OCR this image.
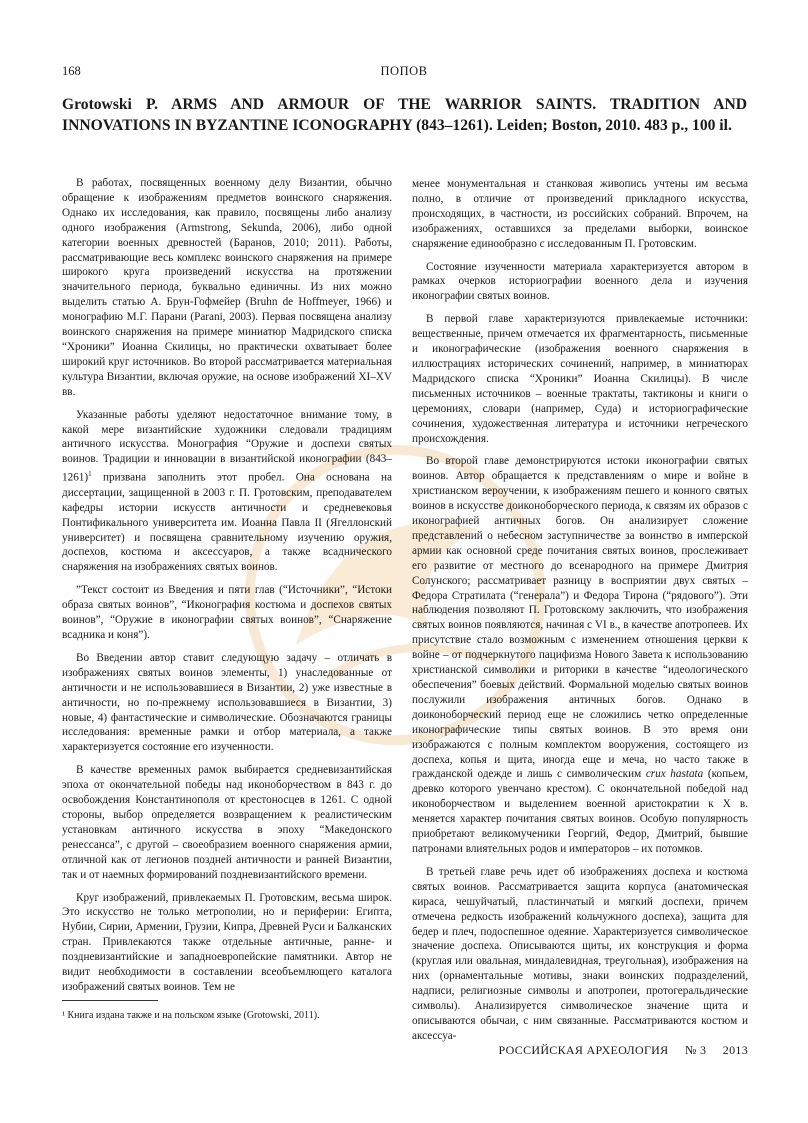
168	ПОПОВ
Grotowski P. ARMS AND ARMOUR OF THE WARRIOR SAINTS. TRADITION AND INNOVATIONS IN BYZANTINE ICONOGRAPHY (843–1261). Leiden; Boston, 2010. 483 p., 100 il.

В работах, посвященных военному делу Византии, обычно обращение к изображениям предметов воинского снаряжения. Однако их исследования, как правило, посвящены либо анализу одного изображения (Armstrong, Sekunda, 2006), либо одной категории военных древностей (Баранов, 2010; 2011). Работы, рассматривающие весь комплекс воинского снаряжения на примере широкого круга произведений искусства на протяжении значительного периода, буквально единичны. Из них можно выделить статью А. Брун-Гофмейер (Bruhn de Hoffmeyer, 1966) и монографию М.Г. Парани (Parani, 2003). Первая посвящена анализу воинского снаряжения на примере миниатюр Мадридского списка “Хроники” Иоанна Скилицы, но практически охватывает более широкий круг источников. Во второй рассматривается материальная культура Византии, включая оружие, на основе изображений XI–XV вв.

Указанные работы уделяют недостаточное внимание тому, в какой мере византийские художники следовали традициям античного искусства. Монография “Оружие и доспехи святых воинов. Традиции и инновации в византийской иконографии $(843-1261)^1$ призвана заполнить этот пробел. Она основана на диссертации, защищенной в 2003 г. П. Гротовским, преподавателем кафедры истории искусств античности и средневековья Понтификального университета им. Иоанна Павла II (Ягеллонский университет) и посвящена сравнительному изучению оружия, доспехов, костюма и аксессуаров, а также всаднического снаряжения на изображениях святых воинов.

”Текст состоит из Введения и пяти глав (“Источники”, “Истоки образа святых воинов”, “Иконография костюма и доспехов святых воинов”, “Оружие в иконографии святых воинов”, “Снаряжение всадника и коня”).

Во Введении автор ставит следующую задачу – отличать в изображениях святых воинов элементы, 1) унаследованные от античности и не использовавшиеся в Византии, 2) уже известные в античности, но по-прежнему использовавшиеся в Византии, 3) новые, 4) фантастические и символические. Обозначаются границы исследования: временные рамки и отбор материала, а также характеризуется состояние его изученности.

В качестве временных рамок выбирается средневизантийская эпоха от окончательной победы над иконоборчеством в 843 г. до освобождения Константинополя от крестоносцев в 1261. С одной стороны, выбор определяется возвращением к реалистическим установкам античного искусства в эпоху “Македонского ренессанса”, с другой – своеобразием военного снаряжения армии, отличной как от легионов поздней античности и ранней Византии, так и от наемных формирований поздневизантийского времени.

Круг изображений, привлекаемых П. Гротовским, весьма широк. Это искусство не только метрополии, но и периферии: Египта, Нубии, Сирии, Армении, Грузии, Кипра, Древней Руси и Балканских стран. Привлекаются также отдельные античные, ранне- и поздневизантийские и западноевропейские памятники. Автор не видит необходимости в составлении всеобъемлющего каталога изображений святых воинов. Тем не

менее монументальная и станковая живопись учтены им весьма полно, в отличие от произведений прикладного искусства, происходящих, в частности, из российских собраний. Впрочем, на изображениях, оставшихся за пределами выборки, воинское снаряжение единообразно с исследованным П. Гротовским.

Состояние изученности материала характеризуется автором в рамках очерков историографии военного дела и изучения иконографии святых воинов.

В первой главе характеризуются привлекаемые источники: вещественные, причем отмечается их фрагментарность, письменные и иконографические (изображения военного снаряжения в иллюстрациях исторических сочинений, например, в миниатюрах Мадридского списка “Хроники” Иоанна Скилицы). В числе письменных источников – военные трактаты, тактиконы и книги о церемониях, словари (например, Суда) и историографические сочинения, художественная литература и источники негреческого происхождения.

Во второй главе демонстрируются истоки иконографии святых воинов. Автор обращается к представлениям о мире и войне в христианском вероучении, к изображениям пешего и конного святых воинов в искусстве доиконоборческого периода, к связям их образов с иконографией античных богов. Он анализирует сложение представлений о небесном заступничестве за воинство в имперской армии как основной среде почитания святых воинов, прослеживает его развитие от местного до всенародного на примере Дмитрия Солунского; рассматривает разницу в восприятии двух святых – Федора Стратилата (“генерала”) и Федора Тирона (“рядового”). Эти наблюдения позволяют П. Гротовскому заключить, что изображения святых воинов появляются, начиная с VI в., в качестве апотропеев. Их присутствие стало возможным с изменением отношения церкви к войне – от подчеркнутого пацифизма Нового Завета к использованию христианской символики и риторики в качестве “идеологического обеспечения” боевых действий. Формальной моделью святых воинов послужили изображения античных богов. Однако в доиконоборческий период еще не сложились четко определенные иконографические типы святых воинов. В это время они изображаются с полным комплектом вооружения, состоящего из доспеха, копья и щита, иногда еще и меча, но часто также в гражданской одежде и лишь с символическим crux hastata (копьем, древко которого увенчано крестом). С окончательной победой над иконоборчеством и выделением военной аристократии к X в. меняется характер почитания святых воинов. Особую популярность приобретают великомученики Георгий, Федор, Дмитрий, бывшие патронами влиятельных родов и императоров – их потомков.

В третьей главе речь идет об изображениях доспеха и костюма святых воинов. Рассматривается защита корпуса (анатомическая кираса, чешуйчатый, пластинчатый и мягкий доспехи, причем отмечена редкость изображений кольчужного доспеха), защита для бедер и плеч, подоспешное одеяние. Характеризуется символическое значение доспеха. Описываются щиты, их конструкция и форма (круглая или овальная, миндалевидная, треугольная), изображения на них (орнаментальные мотивы, знаки воинских подразделений, надписи, религиозные символы и апотропеи, протогеральдические символы). Анализируется символическое значение щита и описываются обычаи, с ним связанные. Рассматриваются костюм и аксессуа-

¹ Книга издана также и на польском языке (Grotowski, 2011).
РОССИЙСКАЯ АРХЕОЛОГИЯ     № 3     2013
